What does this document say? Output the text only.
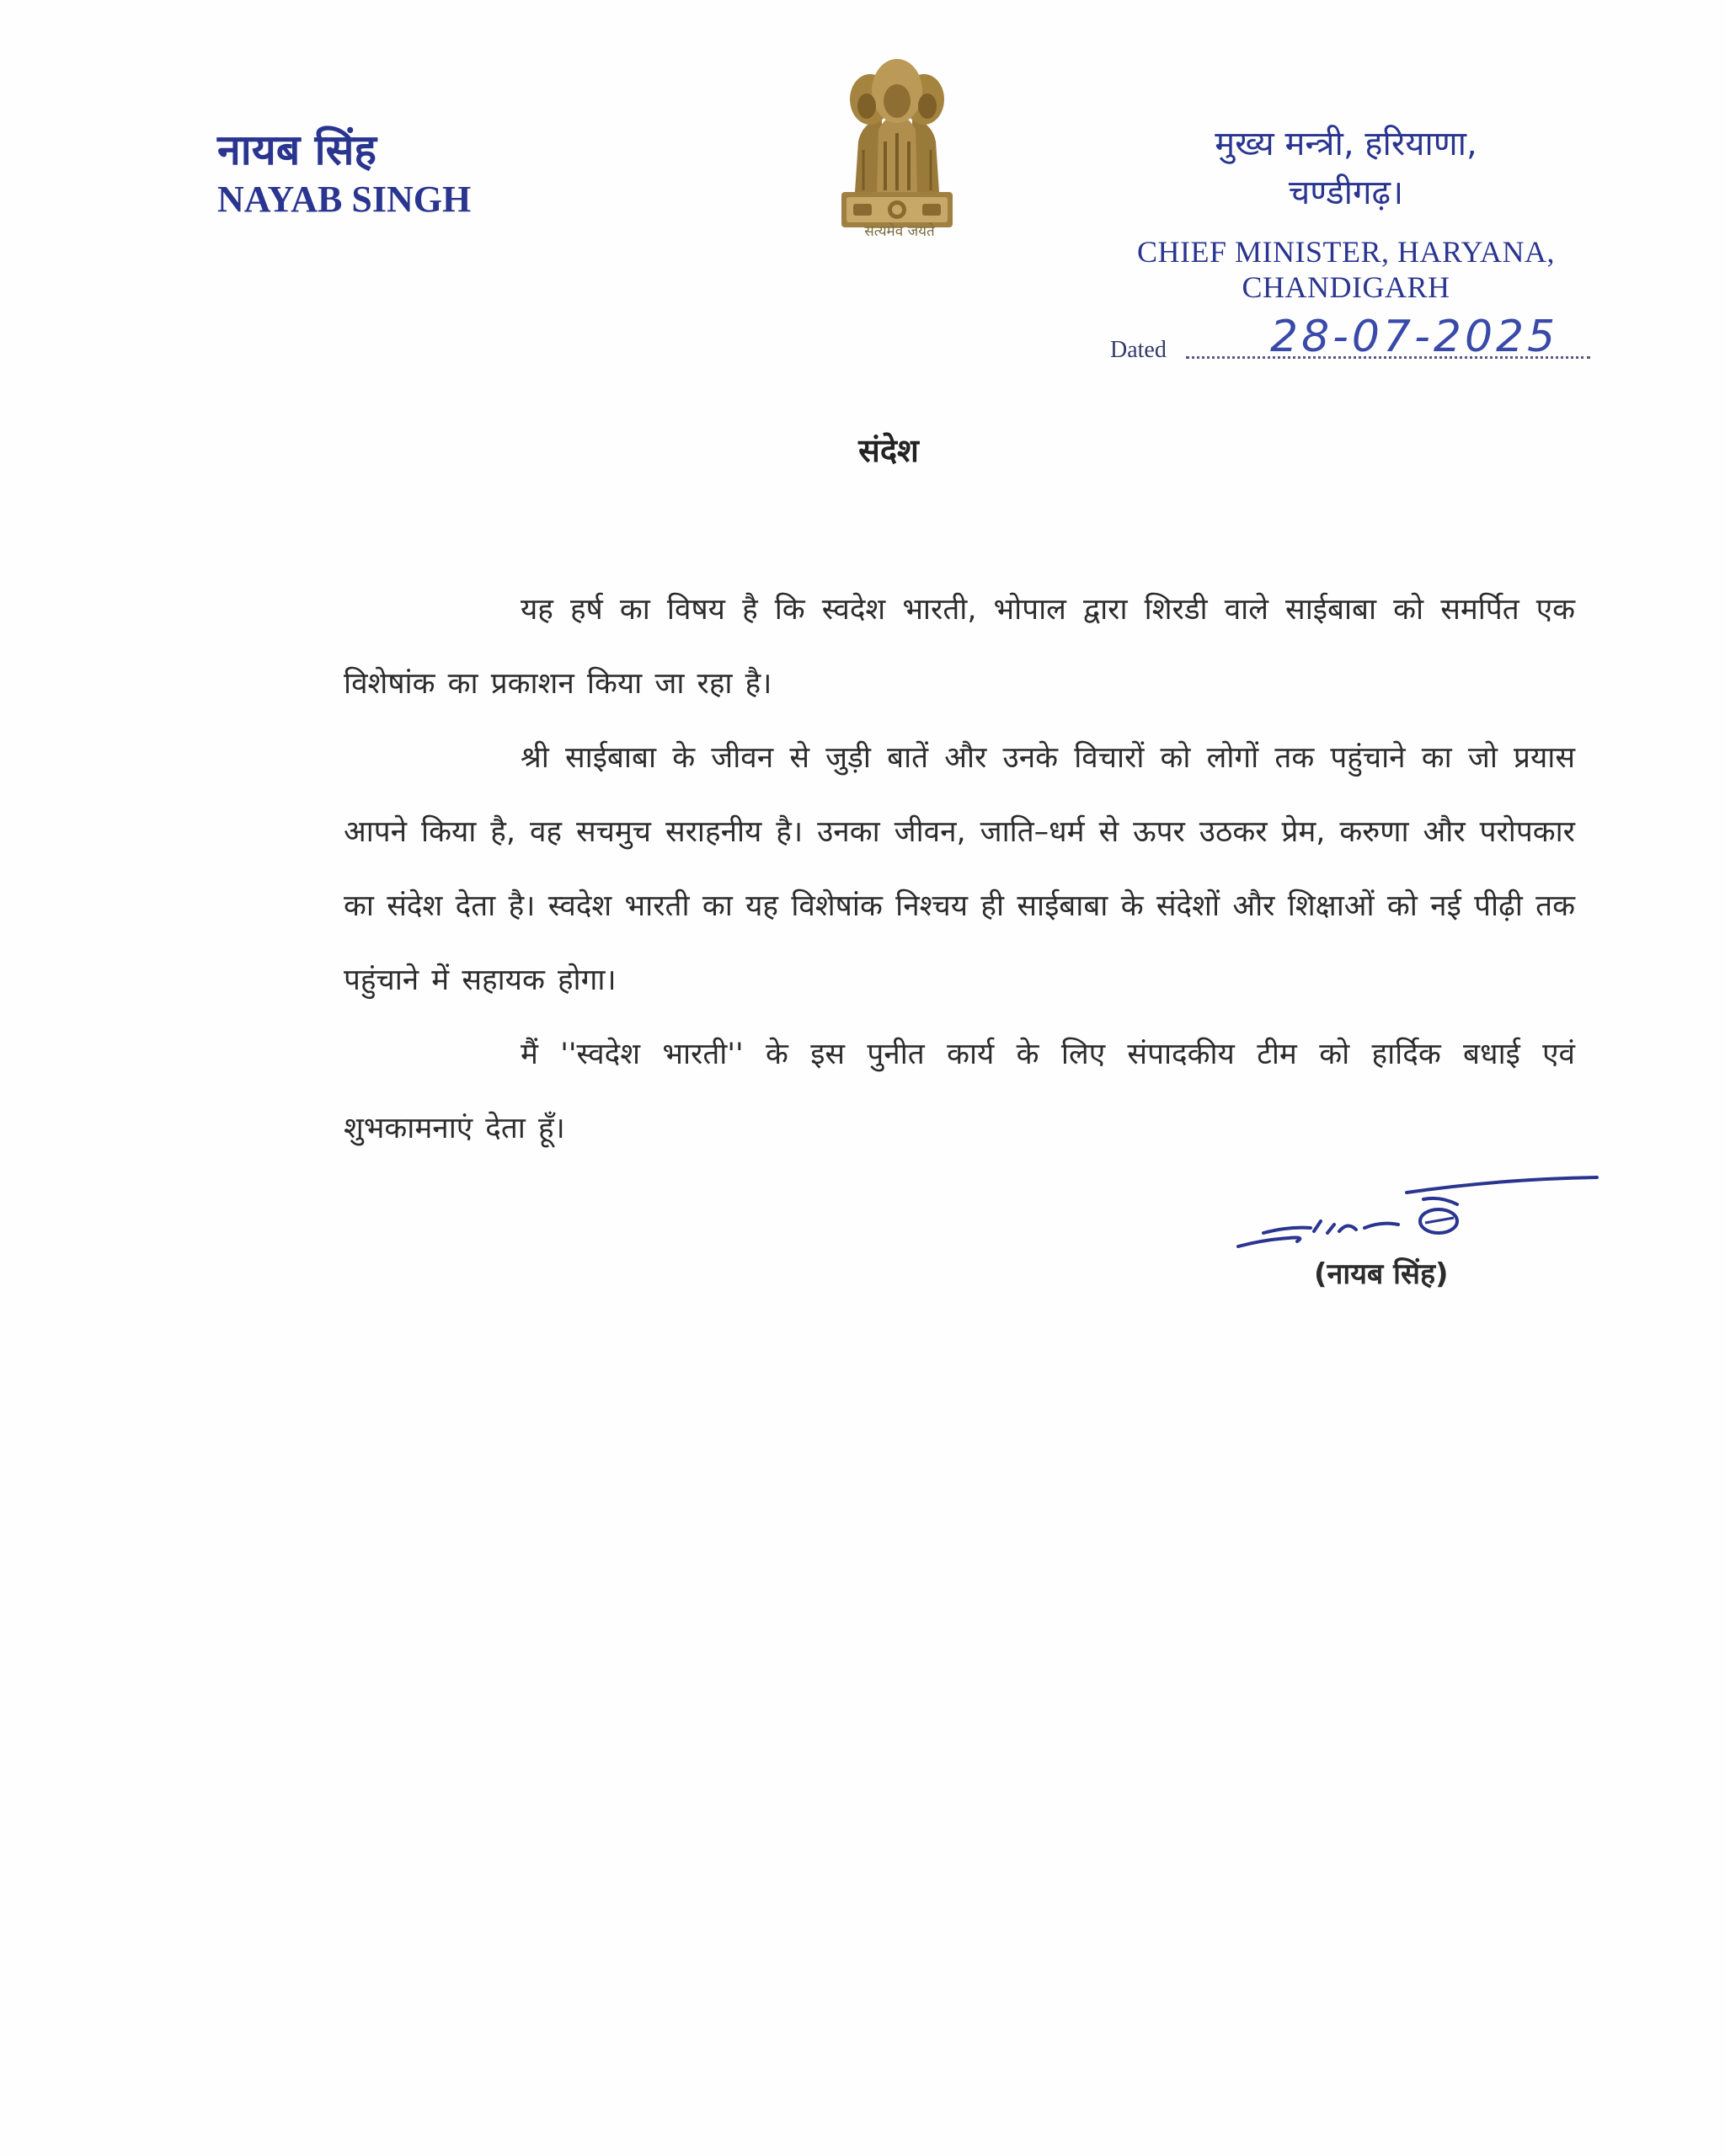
नायब सिंह
NAYAB SINGH
सत्यमेव जयते
मुख्य मन्त्री, हरियाणा,
चण्डीगढ़।
CHIEF MINISTER, HARYANA,
CHANDIGARH
Dated 28-07-2025
संदेश

यह हर्ष का विषय है कि स्वदेश भारती, भोपाल द्वारा शिरडी वाले साईबाबा को समर्पित एक विशेषांक का प्रकाशन किया जा रहा है।

श्री साईबाबा के जीवन से जुड़ी बातें और उनके विचारों को लोगों तक पहुंचाने का जो प्रयास आपने किया है, वह सचमुच सराहनीय है। उनका जीवन, जाति–धर्म से ऊपर उठकर प्रेम, करुणा और परोपकार का संदेश देता है। स्वदेश भारती का यह विशेषांक निश्चय ही साईबाबा के संदेशों और शिक्षाओं को नई पीढ़ी तक पहुंचाने में सहायक होगा।

मैं ''स्वदेश भारती'' के इस पुनीत कार्य के लिए संपादकीय टीम को हार्दिक बधाई एवं शुभकामनाएं देता हूँ।

(नायब सिंह)
